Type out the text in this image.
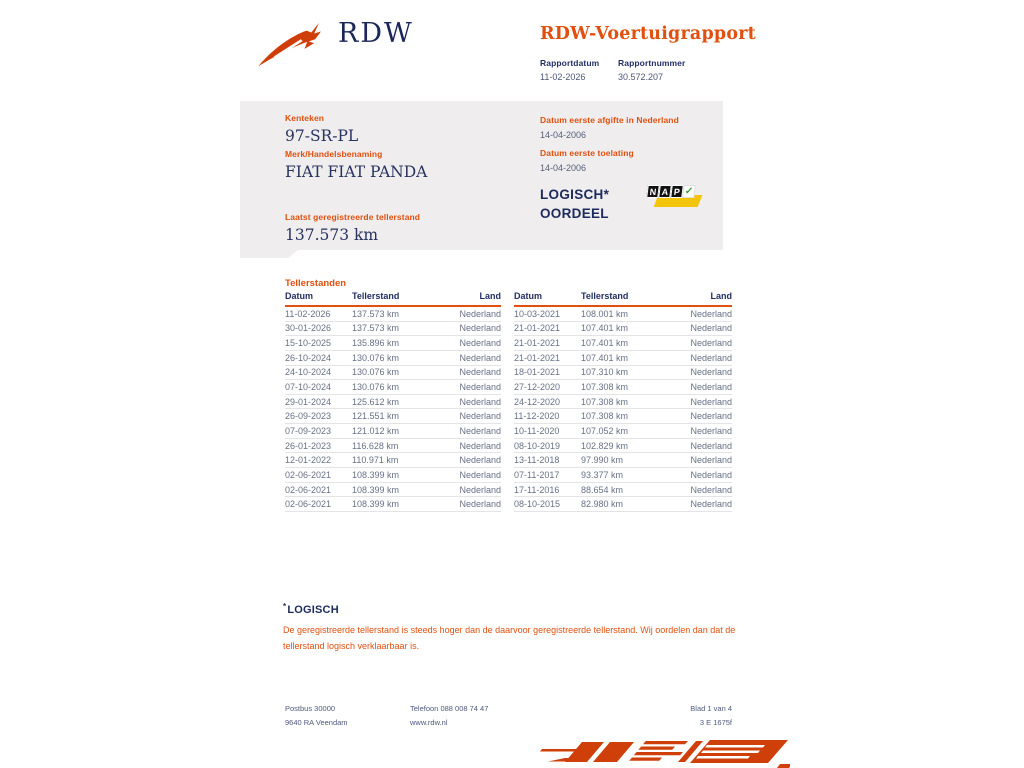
RDW	RDW-Voertuigrapport
Rapportdatum
11-02-2026
Rapportnummer
30.572.207
Kenteken
97-SR-PL
Merk/Handelsbenaming
FIAT FIAT PANDA
Laatst geregistreerde tellerstand
137.573 km
Datum eerste afgifte in Nederland
14-04-2006
Datum eerste toelating
14-04-2006
LOGISCH*
OORDEEL
N A P ✓
Tellerstanden
Datum	Tellerstand	Land
11-02-2026	137.573 km	Nederland
30-01-2026	137.573 km	Nederland
15-10-2025	135.896 km	Nederland
26-10-2024	130.076 km	Nederland
24-10-2024	130.076 km	Nederland
07-10-2024	130.076 km	Nederland
29-01-2024	125.612 km	Nederland
26-09-2023	121.551 km	Nederland
07-09-2023	121.012 km	Nederland
26-01-2023	116.628 km	Nederland
12-01-2022	110.971 km	Nederland
02-06-2021	108.399 km	Nederland
02-06-2021	108.399 km	Nederland
02-06-2021	108.399 km	Nederland
Datum	Tellerstand	Land
10-03-2021	108.001 km	Nederland
21-01-2021	107.401 km	Nederland
21-01-2021	107.401 km	Nederland
21-01-2021	107.401 km	Nederland
18-01-2021	107.310 km	Nederland
27-12-2020	107.308 km	Nederland
24-12-2020	107.308 km	Nederland
11-12-2020	107.308 km	Nederland
10-11-2020	107.052 km	Nederland
08-10-2019	102.829 km	Nederland
13-11-2018	97.990 km	Nederland
07-11-2017	93.377 km	Nederland
17-11-2016	88.654 km	Nederland
08-10-2015	82.980 km	Nederland
*LOGISCH
De geregistreerde tellerstand is steeds hoger dan de daarvoor geregistreerde tellerstand. Wij oordelen dan dat de tellerstand logisch verklaarbaar is.
Postbus 30000
9640 RA Veendam
Telefoon 088 008 74 47
www.rdw.nl
Blad 1 van 4
3 E 1675f
